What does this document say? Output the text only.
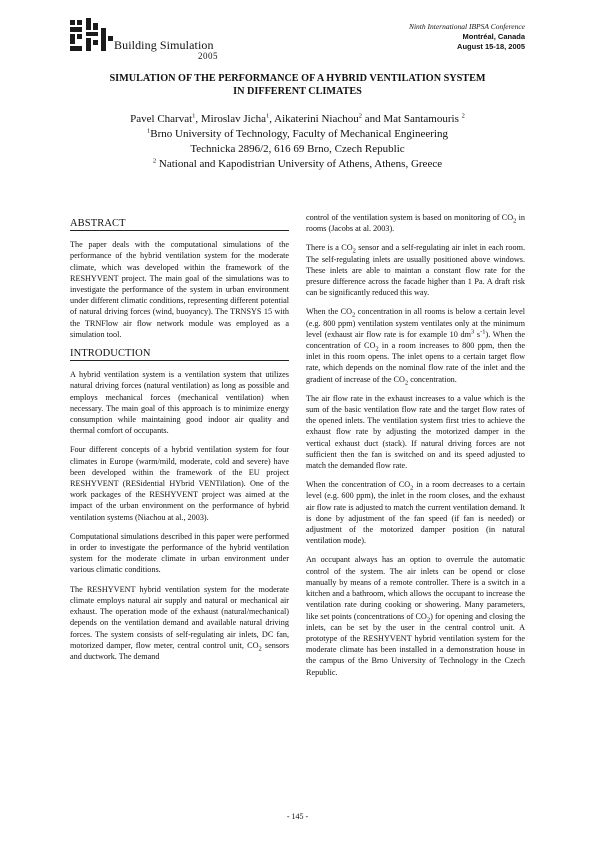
Building Simulation
2005
Ninth International IBPSA Conference
Montréal, Canada
August 15-18, 2005
SIMULATION OF THE PERFORMANCE OF A HYBRID VENTILATION SYSTEM
IN DIFFERENT CLIMATES
Pavel Charvat$^1$, Miroslav Jicha$^1$, Aikaterini Niachou$^2$ and Mat Santamouris $^2$
$^1$Brno University of Technology, Faculty of Mechanical Engineering
Technicka 2896/2, 616 69 Brno, Czech Republic
$^2$ National and Kapodistrian University of Athens, Athens, Greece
ABSTRACT

The paper deals with the computational simulations of the performance of the hybrid ventilation system for the moderate climate, which was developed within the framework of the RESHYVENT project. The main goal of the simulations was to investigate the performance of the system in urban environment under different climatic conditions, representing different potential of natural driving forces (wind, buoyancy). The TRNSYS 15 with the TRNFlow air flow network module was employed as a simulation tool.

INTRODUCTION

A hybrid ventilation system is a ventilation system that utilizes natural driving forces (natural ventilation) as long as possible and employs mechanical forces (mechanical ventilation) when necessary. The main goal of this approach is to minimize energy consumption while maintaining good indoor air quality and thermal comfort of occupants.

Four different concepts of a hybrid ventilation system for four climates in Europe (warm/mild, moderate, cold and severe) have been developed within the framework of the EU project RESHYVENT (RESidential HYbrid VENTilation). One of the work packages of the RESHYVENT project was aimed at the impact of the urban environment on the performance of hybrid ventilation systems (Niachou at al., 2003).

Computational simulations described in this paper were performed in order to investigate the performance of the hybrid ventilation system for the moderate climate in urban environment under various climatic conditions.

The RESHYVENT hybrid ventilation system for the moderate climate employs natural air supply and natural or mechanical air exhaust. The operation mode of the exhaust (natural/mechanical) depends on the ventilation demand and available natural driving forces. The system consists of self-regulating air inlets, DC fan, motorized damper, flow meter, central control unit, $CO_2$ sensors and ductwork. The demand

control of the ventilation system is based on monitoring of $CO_2$ in rooms (Jacobs at al. 2003).

There is a $CO_2$ sensor and a self-regulating air inlet in each room. The self-regulating inlets are usually positioned above windows. These inlets are able to maintan a constant flow rate for the presure difference across the facade higher than 1 Pa. A draft risk can be significantly reduced this way.

When the $CO_2$ concentration in all rooms is below a certain level (e.g. 800 ppm) ventilation system ventilates only at the minimum level (exhaust air flow rate is for example 10 $dm^3$ $s^{-1}$). When the concentration of $CO_2$ in a room increases to 800 ppm, then the inlet in this room opens. The inlet opens to a certain target flow rate, which depends on the nominal flow rate of the inlet and the gradient of increase of the $CO_2$ concentration.

The air flow rate in the exhaust increases to a value which is the sum of the basic ventilation flow rate and the target flow rates of the opened inlets. The ventilation system first tries to achieve the exhaust flow rate by adjusting the motorized damper in the vertical exhaust duct (stack). If natural driving forces are not sufficient then the fan is switched on and its speed adjusted to match the demanded flow rate.

When the concentration of $CO_2$ in a room decreases to a certain level (e.g. 600 ppm), the inlet in the room closes, and the exhaust air flow rate is adjusted to match the current ventilation demand. It is done by adjustment of the fan speed (if fan is needed) or adjustment of the motorized damper position (in natural ventilation mode).

An occupant always has an option to overrule the automatic control of the system. The air inlets can be opend or close manually by means of a remote controller. There is a switch in a kitchen and a bathroom, which allows the occupant to increase the ventilation rate during cooking or showering. Many parameters, like set points (concentrations of $CO_2$) for opening and closing the inlets, can be set by the user in the central control unit. A prototype of the RESHYVENT hybrid ventilation system for the moderate climate has been installed in a demonstration house in the campus of the Brno University of Technology in the Czech Republic.

- 145 -
